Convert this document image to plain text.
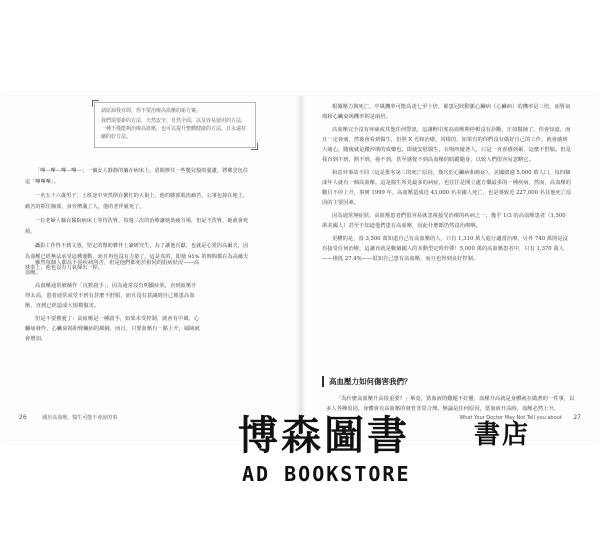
請原諒我有問，你不要治療高血壓的新方案。

我們需要新的方法，天然安全，自然全面，以及容易使用的方法，一種不僅能夠治療高血壓，也可以提升整體健康的方法，且永遠持續的好方法。

「嗶—嗶—嗶—嗶—」一個女人靜靜的躺在病床上，眉間擰住一些嬰兒般的憂慮，將佛堂包住這「嗶嗶嗶」。

一名五十六歲男子，上班途中突然倒在繁忙的大街上，他的臉部肌肉痛苦，公事包掉在地上，痛苦的抓住胸部，身旁擠滿了人，他的老伴就死了。

一位老婦人躺在醫院病床上等待洗腎，每週三次的治療讓她筋疲力竭，但是不洗腎，她就會死掉。

攝影工作得不到文憑，堅定的幫助夥伴上讀研究生，為了讓他貢獻，也就是心愛的高爾夫，因為血壓已經無法承受這種運動，而且再也沒有力量了，這是真的，即使 95% 的時間都在為高爾夫球奉上，他也沒有力氣揮出一桿。

雖然每個人都為不同疾病所苦，但是他們都死於相同的肌病狀況——高血壓。

高血壓通常被稱作「沉默殺手」，因為通常沒有明顯症狀，直到血壓升得太高，患者通常或受不到有甚麼不舒服，而且沒有意識到自己罹患高血壓，直到已經造成大規模傷害。

但是不要擔憂了：高血壓是一種殺手，如果未受控制，就會有中風、心臟病發作、心臟衰竭和腎臟病的風險，而且，只要血壓有一點上升，風險就會增加。

26	關於高血壓，醫生可能不會說的事

根據壓力與死亡，中風機率可能高達七至十倍，罹患冠狀動脈心臟病（心臟病）的機率是三倍，而腎衰竭和心臟衰竭機率則是兩倍。

高血壓完全沒有疼痛或其他任何警訊，這讓輕中度高血壓期停頓沒有診斷，正如醫師了，你會知道，而且一定會痛，然後會看到醫生，但照 X 光和治療，同樣的，如果有的你們沒有做好自己的工作，就會感到大痛心，隨後就是錢沖壞的成藥也。即使安慰醫生，在吸咳碰著人，只是一直會感到累，這麼不舒服。但是我直到不到，開不到，發不到，甚至感覺不到高血壓的暗蹤隨身，以致人們很容易忽略它。

和意外事故不同（這是排名第三的死亡原因，僅次於心臟病和癌症），美國總過 5,000 萬人口，每四個成年人就有一個高血壓。這是醫生所見最多的病症，也往往是開立處方藥最多的一種疾病，然而，高血壓的數目不停上升，事實 1999 年，高血壓造成近 43,000 名美國人死亡，也是導致近 227,000 名其他死亡原因的主要因素。

因為通常無症狀，高血壓患者們很容易就忽視接受治療的疾病之一，幾乎 1/3 的高血壓患者（1,500 萬美國人）甚至不知道他們患有高血壓，因此什麼都仍然沒治療啊。

更糟的是，當 3,500 萬知道自己有高血壓的人，只有 1,310 萬人進行適當治療，另外 740 萬則是沒有接受任何治療，這讓直就是數個國人的本動型定時炸彈！5,000 萬的高血壓患者中，只有 1,370 萬人——僅低 27.4%——很知自己患有高血壓，而且也得到良好控制。

高血壓力如何傷害我們？

「為什麼高血壓升高很重要？」畢竟，當血液的難題不好靈，血壓升高就是身體就在做著的一件事，以多人各種原因，身體會有高血壓的發育非常合理。無論是任何原因，當血液升高時，血壓必然上升。

What Your Doctor May Not Tell you about 27
博森圖書 書店
AD BOOKSTORE
